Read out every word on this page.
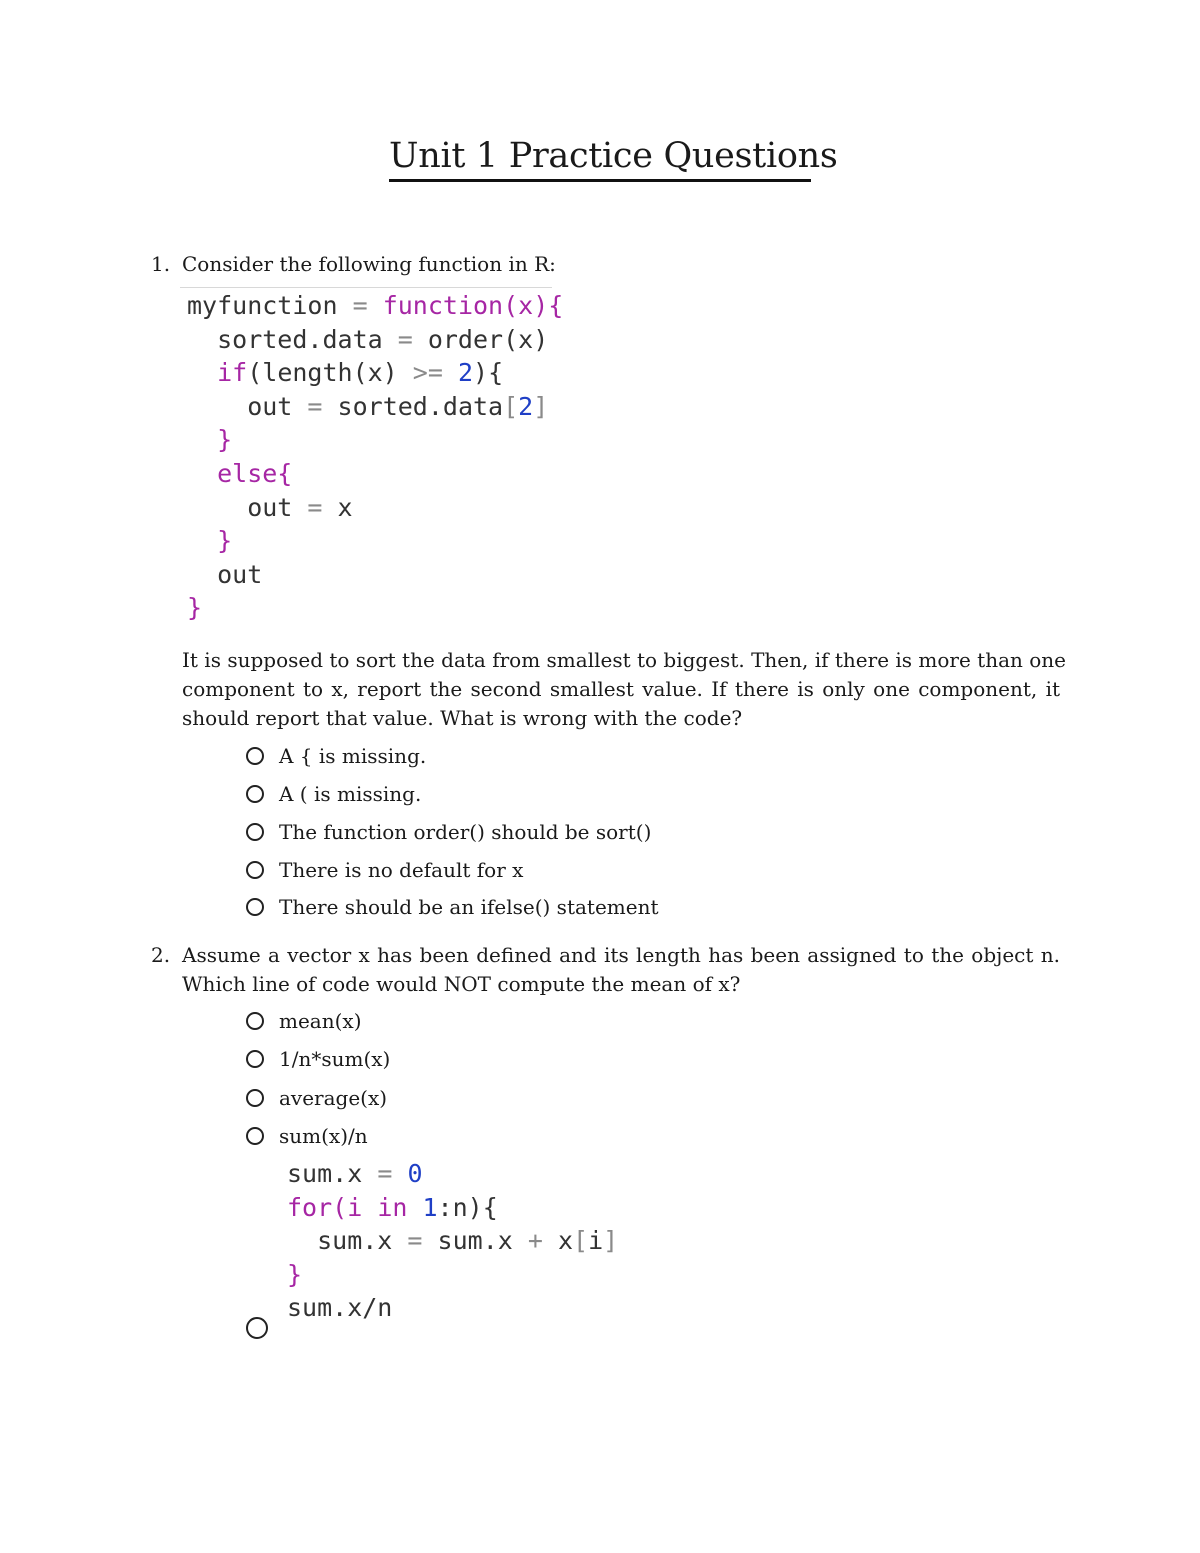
Unit 1 Practice Questions
1. Consider the following function in R:
myfunction = function(x){
sorted.data = order(x)
if(length(x) >= 2){
out = sorted.data[2]
}
else{
out = x
}
out
}
It is supposed to sort the data from smallest to biggest. Then, if there is more than one
component to x, report the second smallest value. If there is only one component, it
should report that value. What is wrong with the code?
A { is missing.
A ( is missing.
The function order() should be sort()
There is no default for x
There should be an ifelse() statement
2. Assume a vector x has been defined and its length has been assigned to the object n.
Which line of code would NOT compute the mean of x?
mean(x)
1/n*sum(x)
average(x)
sum(x)/n
sum.x = 0
for(i in 1:n){
sum.x = sum.x + x[i]
}
sum.x/n
